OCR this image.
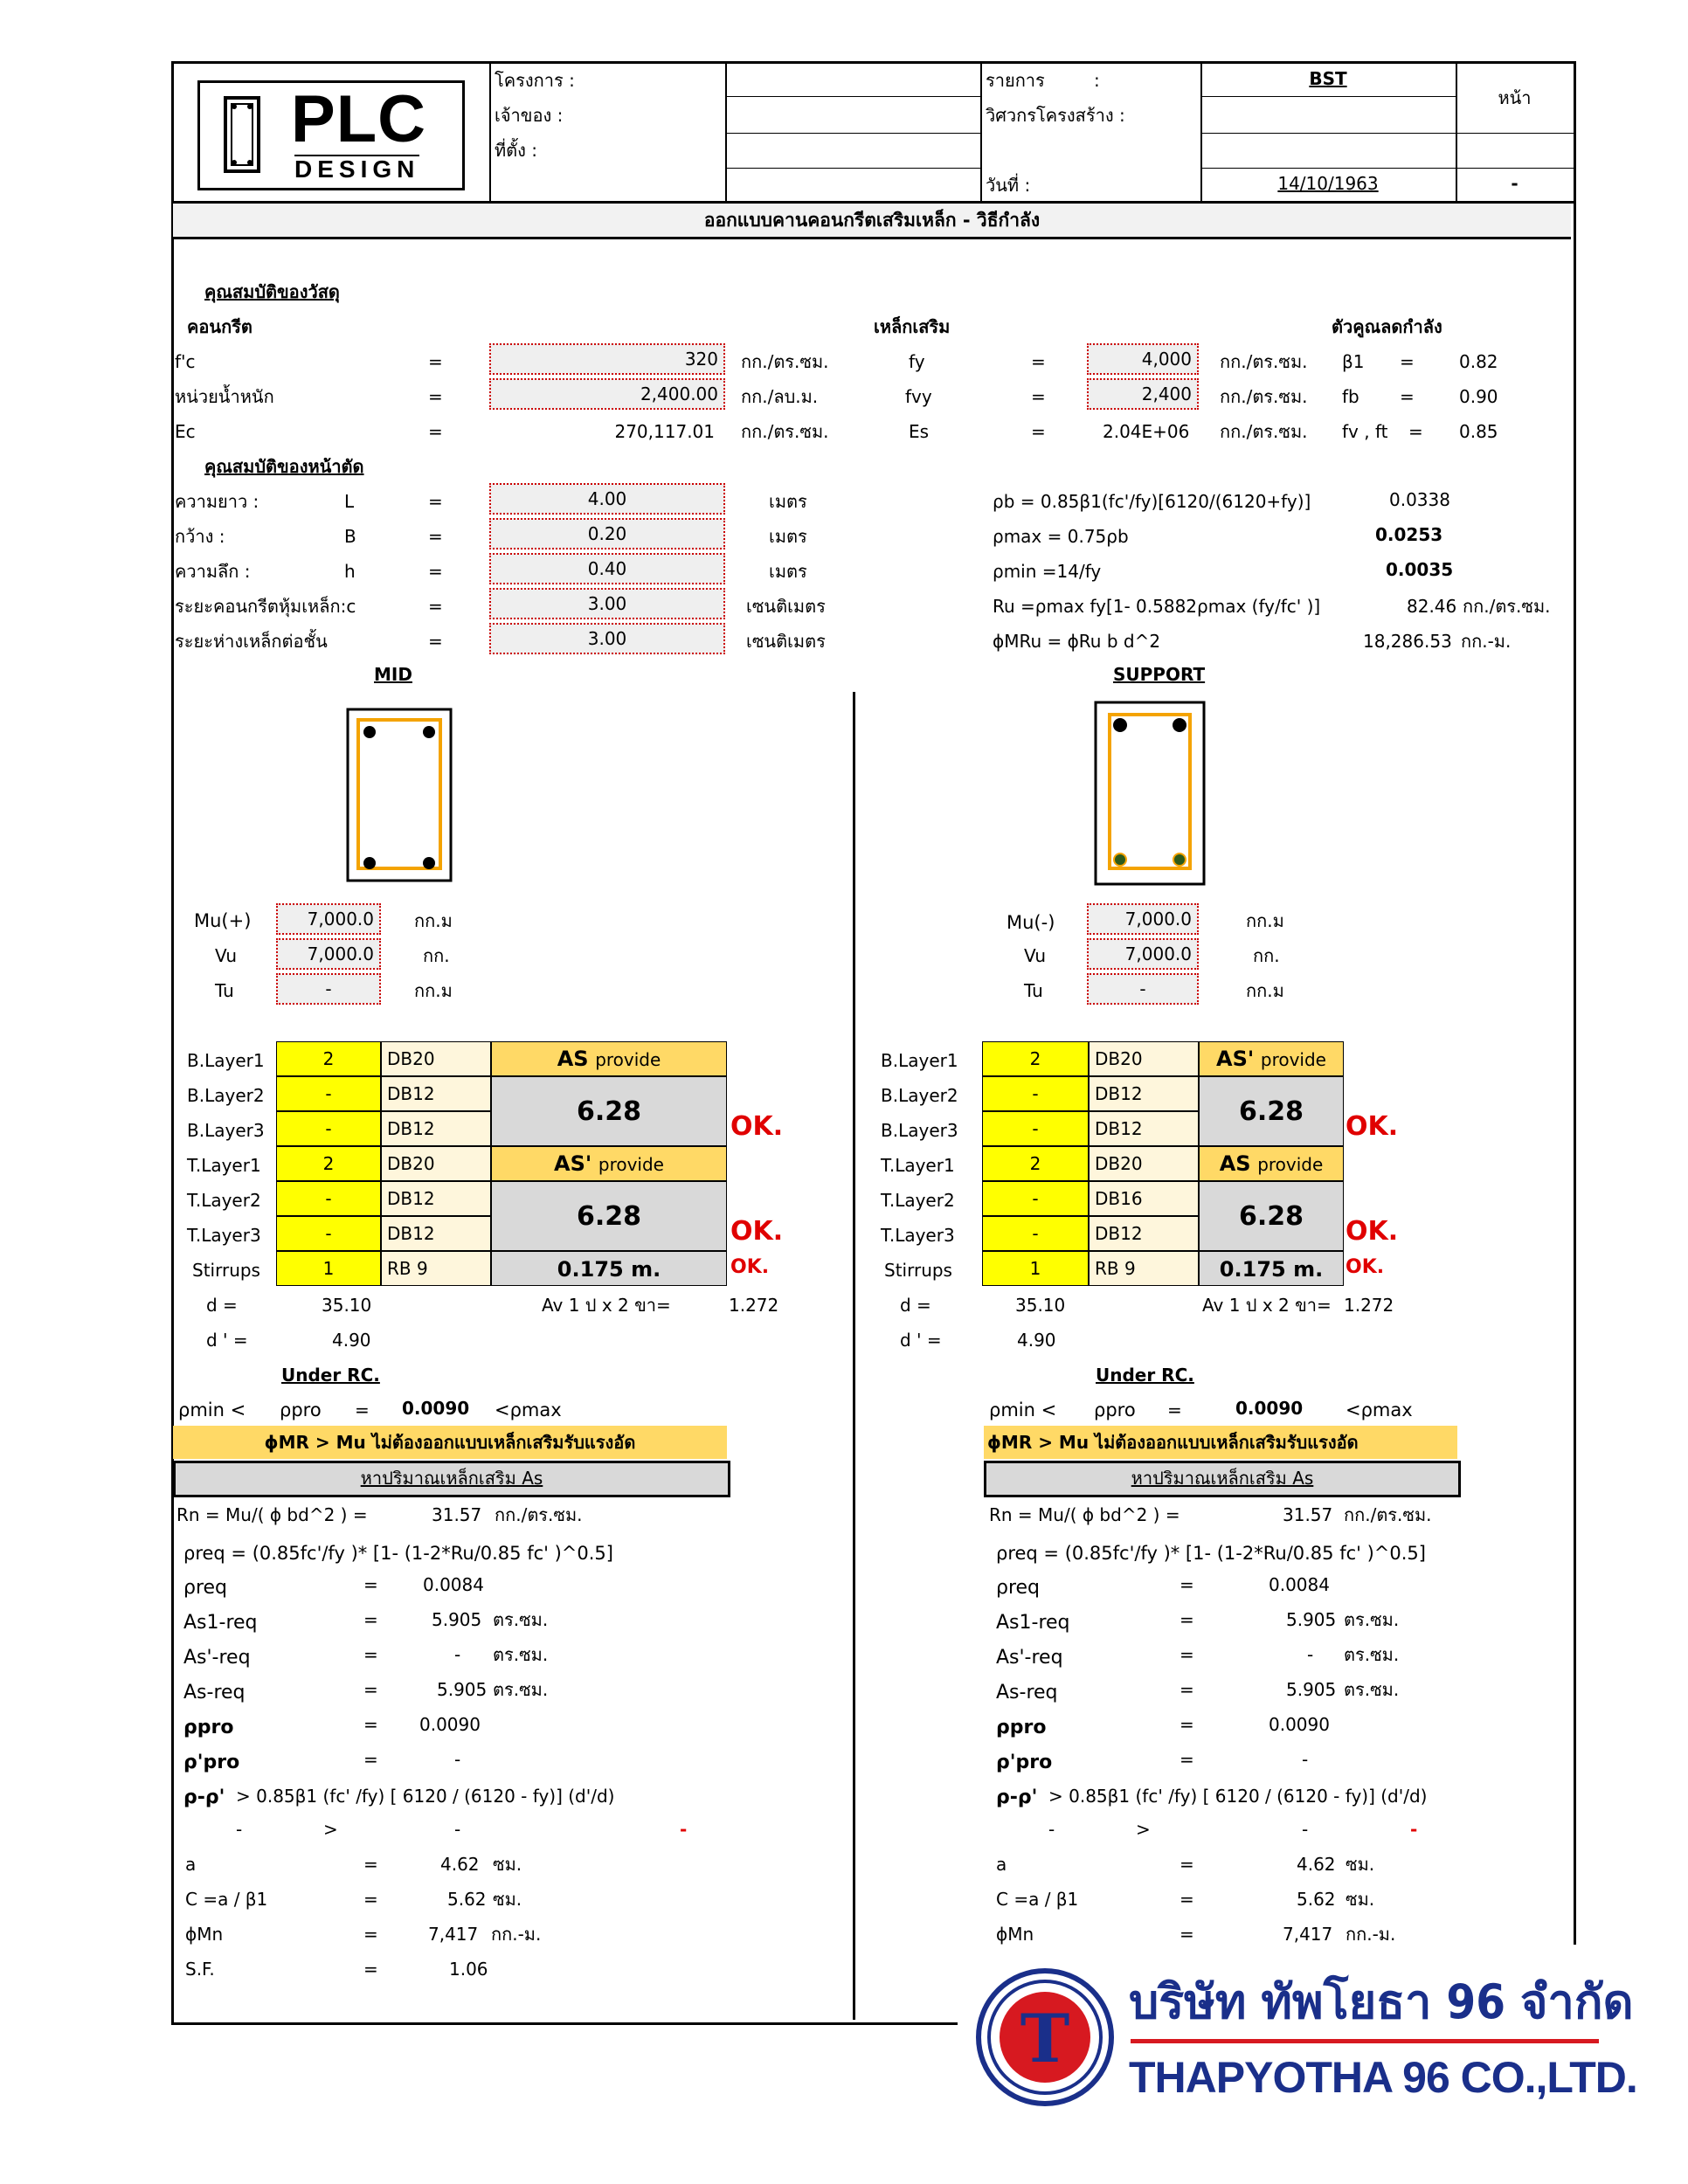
PLC
DESIGN
โครงการ :
เจ้าของ :
ที่ตั้ง :
รายการ	:	BST
วิศวกรโครงสร้าง :
วันที่ :	14/10/1963
หน้า
-
ออกแบบคานคอนกรีตเสริมเหล็ก - วิธีกำลัง
คุณสมบัติของวัสดุ
คอนกรีต	เหล็กเสริม	ตัวคูณลดกำลัง
f'c	=	320	กก./ตร.ซม.	fy	=	4,000	กก./ตร.ซม. β1 =	0.82
หน่วยน้ำหนัก	=	2,400.00	กก./ลบ.ม.	fvy	=	2,400	กก./ตร.ซม. fb =	0.90
Ec	=	270,117.01 กก./ตร.ซม.	Es	=	2.04E+06 กก./ตร.ซม. fv , ft = 0.85
คุณสมบัติของหน้าตัด
ความยาว :	L	=	4.00	เมตร
กว้าง :	B	=	0.20	เมตร
ความลึก :	h	=	0.40	เมตร
ระยะคอนกรีตหุ้มเหล็ก:c	=	3.00	เซนติเมตร
ระยะห่างเหล็กต่อชั้น	=	3.00	เซนติเมตร
ρb = 0.85β1(fc'/fy)[6120/(6120+fy)]	0.0338
ρmax = 0.75ρb	0.0253
ρmin =14/fy	0.0035
Ru =ρmax fy[1- 0.5882ρmax (fy/fc' )]	82.46 กก./ตร.ซม.
ϕMRu = ϕRu b d^2	18,286.53 กก.-ม.
MID
Mu(+)	7,000.0	กก.ม
Vu	7,000.0	กก.
Tu	-	กก.ม
B.Layer1	2	DB20
B.Layer2	-	DB12
B.Layer3	-	DB12
T.Layer1	2	DB20
T.Layer2	-	DB12
T.Layer3	-	DB12
Stirrups	1	RB 9
AS provide
6.28	OK.
AS' provide
6.28	OK.
0.175 m.	OK.
d =	35.10	Av 1 ป x 2 ขา=	1.272
d ' =	4.90
Under RC.
ρmin < ρpro = 0.0090 <ρmax
ϕMR > Mu ไม่ต้องออกแบบเหล็กเสริมรับแรงอัด
หาปริมาณเหล็กเสริม As
Rn = Mu/( ϕ bd^2 ) =	31.57 กก./ตร.ซม.
ρreq = (0.85fc'/fy )* [1- (1-2*Ru/0.85 fc' )^0.5]
ρreq	=	0.0084
As1-req	=	5.905 ตร.ซม.
As'-req	=	- ตร.ซม.
As-req	=	5.905 ตร.ซม.
ρpro	= 0.0090
ρ'pro	=	-
ρ-ρ' > 0.85β1 (fc' /fy) [ 6120 / (6120 - fy)] (d'/d)
-	>	-	-
a	=	4.62 ซม.
C =a / β1	=	5.62 ซม.
ϕMn	=	7,417 กก.-ม.
S.F.	=	1.06
SUPPORT
Mu(-)	7,000.0	กก.ม
Vu	7,000.0	กก.
Tu	-	กก.ม
B.Layer1	2	DB20
B.Layer2	-	DB12
B.Layer3	-	DB12
T.Layer1	2	DB20
T.Layer2	-	DB16
T.Layer3	-	DB12
Stirrups	1	RB 9
AS' provide
6.28	OK.
AS provide
6.28	OK.
0.175 m.	OK.
d =	35.10	Av 1 ป x 2 ขา= 1.272
d ' =	4.90
Under RC.
ρmin < ρpro =	0.0090 <ρmax
ϕMR > Mu ไม่ต้องออกแบบเหล็กเสริมรับแรงอัด
หาปริมาณเหล็กเสริม As
Rn = Mu/( ϕ bd^2 ) =	31.57 กก./ตร.ซม.
ρreq = (0.85fc'/fy )* [1- (1-2*Ru/0.85 fc' )^0.5]
ρreq	=	0.0084
As1-req	=	5.905 ตร.ซม.
As'-req	=	- ตร.ซม.
As-req	=	5.905 ตร.ซม.
ρpro	=	0.0090
ρ'pro	=	-
ρ-ρ' > 0.85β1 (fc' /fy) [ 6120 / (6120 - fy)] (d'/d)
-	>	-	-
a	=	4.62 ซม.
C =a / β1	=	5.62 ซม.
ϕMn	=	7,417 กก.-ม.
T บริษัท ทัพโยธา 96 จำกัด
THAPYOTHA 96 CO.,LTD.
